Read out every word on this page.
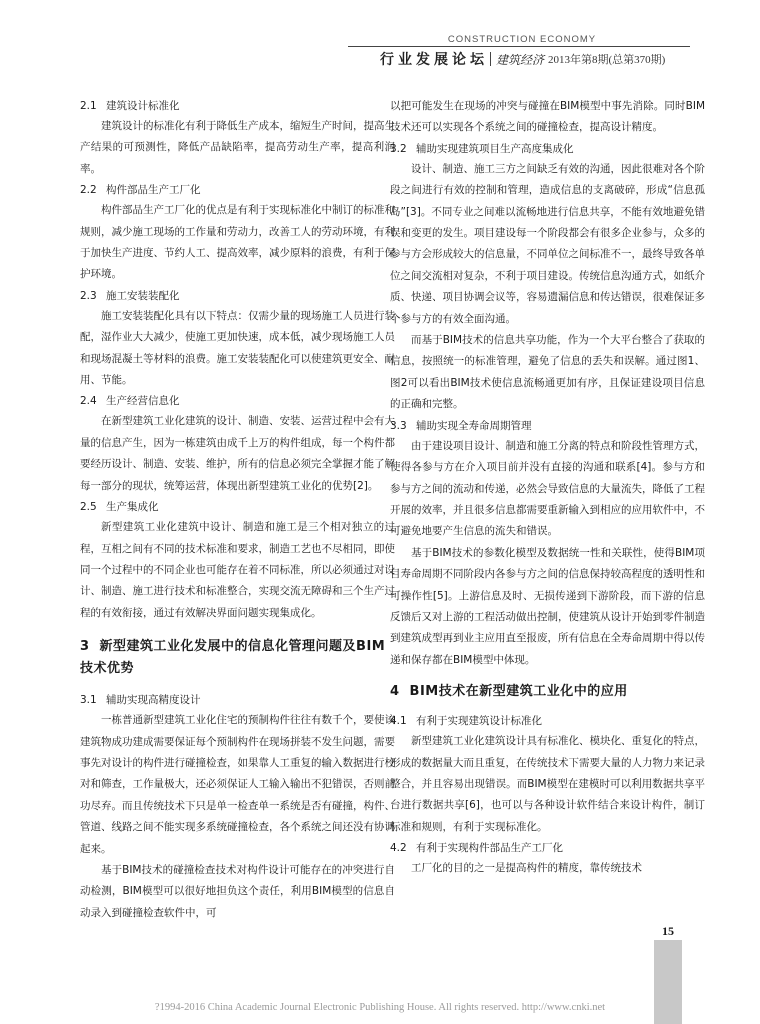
CONSTRUCTION ECONOMY
行业发展论坛 建筑经济 2013年第8期(总第370期)
2.1 建筑设计标准化

建筑设计的标准化有利于降低生产成本，缩短生产时间，提高生产结果的可预测性，降低产品缺陷率，提高劳动生产率，提高利润率。

2.2 构件部品生产工厂化

构件部品生产工厂化的优点是有利于实现标准化中制订的标准和规则，减少施工现场的工作量和劳动力，改善工人的劳动环境，有利于加快生产进度、节约人工、提高效率，减少原料的浪费，有利于保护环境。

2.3 施工安装装配化

施工安装装配化具有以下特点：仅需少量的现场施工人员进行装配，湿作业大大减少，使施工更加快速，成本低，减少现场施工人员和现场混凝土等材料的浪费。施工安装装配化可以使建筑更安全、耐用、节能。

2.4 生产经营信息化

在新型建筑工业化建筑的设计、制造、安装、运营过程中会有大量的信息产生，因为一栋建筑由成千上万的构件组成，每一个构件都要经历设计、制造、安装、维护，所有的信息必须完全掌握才能了解每一部分的现状，统筹运营，体现出新型建筑工业化的优势[2]。

2.5 生产集成化

新型建筑工业化建筑中设计、制造和施工是三个相对独立的过程，互相之间有不同的技术标准和要求，制造工艺也不尽相同，即使同一个过程中的不同企业也可能存在着不同标准，所以必须通过对设计、制造、施工进行技术和标准整合，实现交流无障碍和三个生产过程的有效衔接，通过有效解决界面问题实现集成化。

3 新型建筑工业化发展中的信息化管理问题及BIM技术优势
3.1 辅助实现高精度设计

一栋普通新型建筑工业化住宅的预制构件往往有数千个，要使该建筑物成功建成需要保证每个预制构件在现场拼装不发生问题，需要事先对设计的构件进行碰撞检查，如果靠人工重复的输入数据进行校对和筛查，工作量极大，还必须保证人工输入输出不犯错误，否则前功尽弃。而且传统技术下只是单一检查单一系统是否有碰撞，构件、管道、线路之间不能实现多系统碰撞检查，各个系统之间还没有协调起来。

基于BIM技术的碰撞检查技术对构件设计可能存在的冲突进行自动检测，BIM模型可以很好地担负这个责任，利用BIM模型的信息自动录入到碰撞检查软件中，可

以把可能发生在现场的冲突与碰撞在BIM模型中事先消除。同时BIM技术还可以实现各个系统之间的碰撞检查，提高设计精度。

3.2 辅助实现建筑项目生产高度集成化

设计、制造、施工三方之间缺乏有效的沟通，因此很难对各个阶段之间进行有效的控制和管理，造成信息的支离破碎，形成“信息孤岛”[3]。不同专业之间难以流畅地进行信息共享，不能有效地避免错误和变更的发生。项目建设每一个阶段都会有很多企业参与，众多的参与方会形成较大的信息量，不同单位之间标准不一，最终导致各单位之间交流相对复杂，不利于项目建设。传统信息沟通方式，如纸介质、快递、项目协调会议等，容易遗漏信息和传达错误，很难保证多个参与方的有效全面沟通。

而基于BIM技术的信息共享功能，作为一个大平台整合了获取的信息，按照统一的标准管理，避免了信息的丢失和误解。通过图1、图2可以看出BIM技术使信息流畅通更加有序，且保证建设项目信息的正确和完整。

3.3 辅助实现全寿命周期管理

由于建设项目设计、制造和施工分离的特点和阶段性管理方式，使得各参与方在介入项目前并没有直接的沟通和联系[4]。参与方和参与方之间的流动和传递，必然会导致信息的大量流失，降低了工程开展的效率，并且很多信息都需要重新输入到相应的应用软件中，不可避免地要产生信息的流失和错误。

基于BIM技术的参数化模型及数据统一性和关联性，使得BIM项目寿命周期不同阶段内各参与方之间的信息保持较高程度的透明性和可操作性[5]。上游信息及时、无损传递到下游阶段，而下游的信息反馈后又对上游的工程活动做出控制，使建筑从设计开始到零件制造到建筑成型再到业主应用直至报废，所有信息在全寿命周期中得以传递和保存都在BIM模型中体现。

4 BIM技术在新型建筑工业化中的应用
4.1 有利于实现建筑设计标准化

新型建筑工业化建筑设计具有标准化、模块化、重复化的特点，形成的数据量大而且重复，在传统技术下需要大量的人力物力来记录整合，并且容易出现错误。而BIM模型在建模时可以利用数据共享平台进行数据共享[6]，也可以与各种设计软件结合来设计构件，制订标准和规则，有利于实现标准化。

4.2 有利于实现构件部品生产工厂化

工厂化的目的之一是提高构件的精度，靠传统技术

15
?1994-2016 China Academic Journal Electronic Publishing House. All rights reserved. http://www.cnki.net
